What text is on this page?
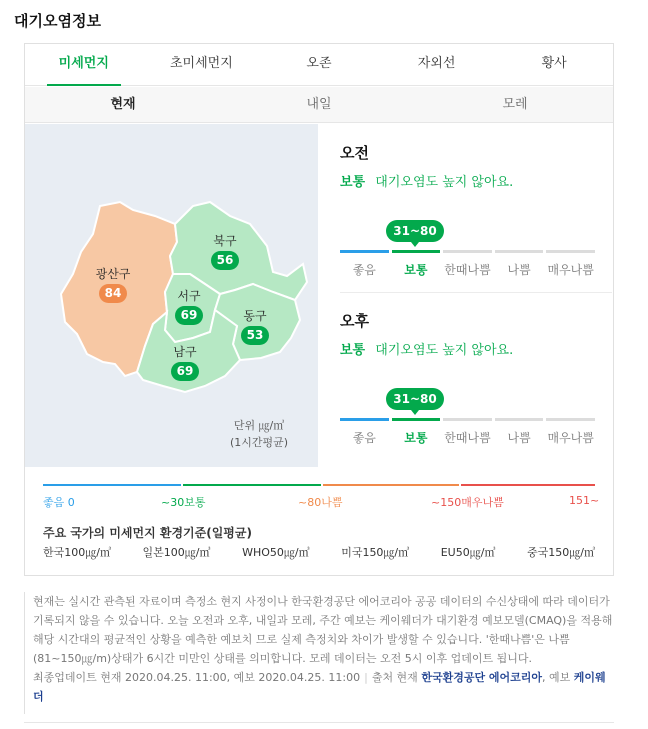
대기오염정보
미세먼지	초미세먼지	오존	자외선	황사
현재	내일	모레
광산구
84
북구
56
서구
69	동구
53
남구
69
단위 ㎍/㎥
(1시간평균)
오전
보통 대기오염도 높지 않아요.
31~80
좋음	보통	한때나쁨	나쁨	매우나쁨
오후
보통 대기오염도 높지 않아요.
31~80
좋음	보통	한때나쁨	나쁨	매우나쁨
좋음 0	~30보통	~80나쁨	~150매우나쁨	151~
주요 국가의 미세먼지 환경기준(일평균)
한국100㎍/㎥	일본100㎍/㎥	WHO50㎍/㎥	미국150㎍/㎥	EU50㎍/㎥	중국150㎍/㎥
현재는 실시간 관측된 자료이며 측정소 현지 사정이나 한국환경공단 에어코리아 공공 데이터의 수신상태에 따라 데이터가 기록되지 않을 수 있습니다. 오늘 오전과 오후, 내일과 모레, 주간 예보는 케이웨더가 대기환경 예보모델(CMAQ)을 적용해 해당 시간대의 평균적인 상황을 예측한 예보치 므로 실제 측정치와 차이가 발생할 수 있습니다. '한때나쁨'은 나쁨(81~150㎍/m)상태가 6시간 미만인 상태를 의미합니다. 모레 데이터는 오전 5시 이후 업데이트 됩니다.
최종업데이트 현재 2020.04.25. 11:00, 예보 2020.04.25. 11:00 | 출처 현재 한국환경공단 에어코리아, 예보 케이웨더
